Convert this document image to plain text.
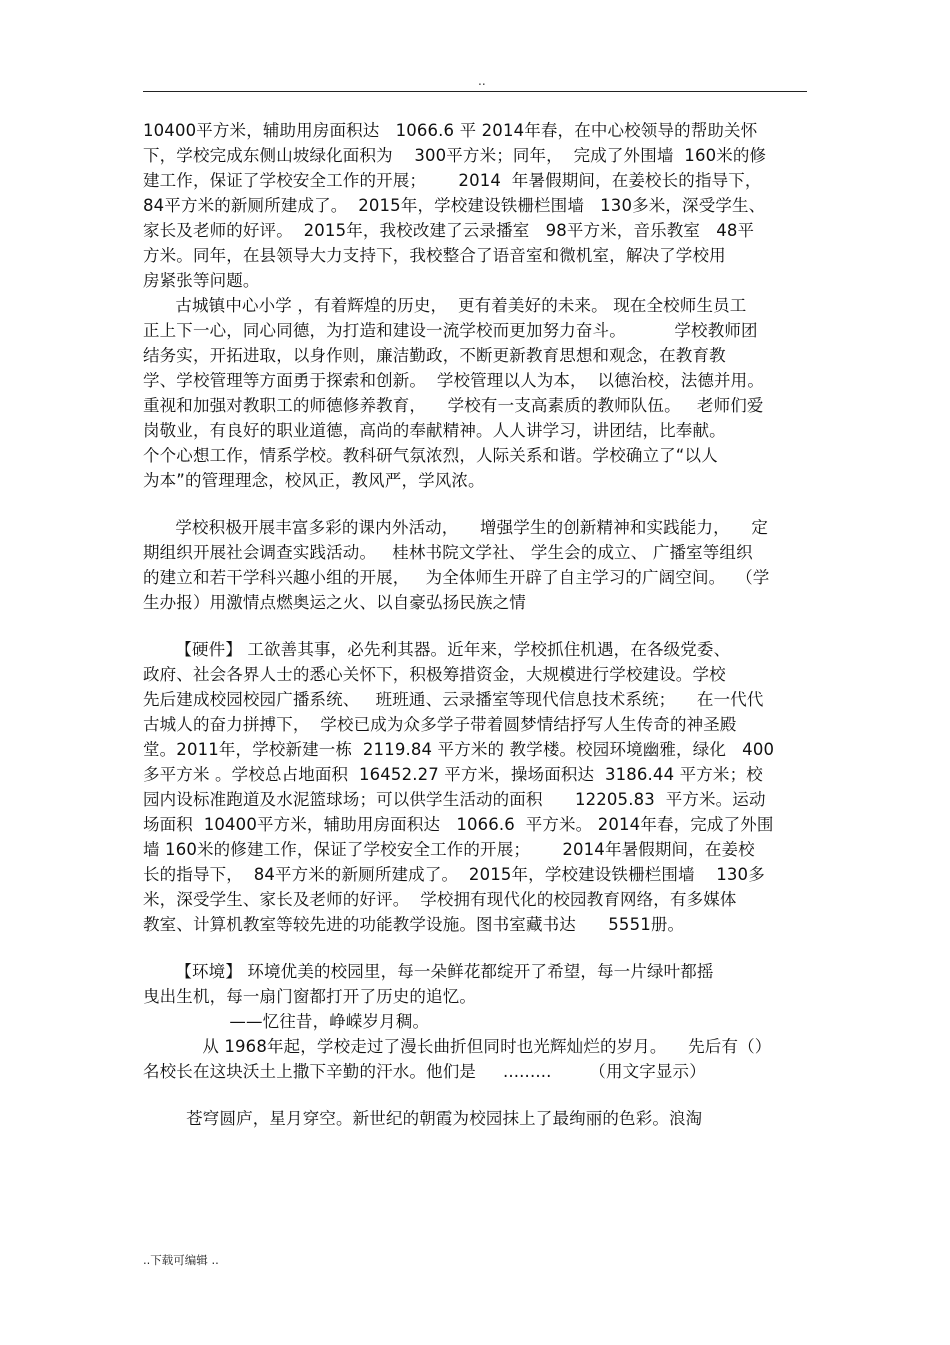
..
10400平方米，辅助用房面积达   1066.6 平 2014年春，在中心校领导的帮助关怀
下，学校完成东侧山坡绿化面积为    300平方米；同年，  完成了外围墙  160米的修
建工作，保证了学校安全工作的开展；      2014  年暑假期间，在姜校长的指导下，
84平方米的新厕所建成了。  2015年，学校建设铁栅栏围墙   130多米，深受学生、
家长及老师的好评。  2015年，我校改建了云录播室   98平方米，音乐教室   48平
方米。同年，在县领导大力支持下，我校整合了语音室和微机室，解决了学校用
房紧张等问题。
古城镇中心小学 ，有着辉煌的历史，  更有着美好的未来。 现在全校师生员工
正上下一心，同心同德，为打造和建设一流学校而更加努力奋斗。         学校教师团
结务实，开拓进取，以身作则，廉洁勤政，不断更新教育思想和观念，在教育教
学、学校管理等方面勇于探索和创新。  学校管理以人为本，  以德治校，法德并用。
重视和加强对教职工的师德修养教育，    学校有一支高素质的教师队伍。   老师们爱
岗敬业，有良好的职业道德，高尚的奉献精神。人人讲学习，讲团结，比奉献。
个个心想工作，情系学校。教科研气氛浓烈，人际关系和谐。学校确立了“以人
为本”的管理理念，校风正，教风严，学风浓。
学校积极开展丰富多彩的课内外活动，    增强学生的创新精神和实践能力，    定
期组织开展社会调查实践活动。   桂林书院文学社、 学生会的成立、 广播室等组织
的建立和若干学科兴趣小组的开展，   为全体师生开辟了自主学习的广阔空间。  （学
生办报）用激情点燃奥运之火、以自豪弘扬民族之情
【硬件】 工欲善其事，必先利其器。近年来，学校抓住机遇，在各级党委、
政府、社会各界人士的悉心关怀下，积极筹措资金，大规模进行学校建设。学校
先后建成校园校园广播系统、   班班通、云录播室等现代信息技术系统；    在一代代
古城人的奋力拼搏下，  学校已成为众多学子带着圆梦情结抒写人生传奇的神圣殿
堂。2011年，学校新建一栋  2119.84 平方米的 教学楼。校园环境幽雅，绿化   400
多平方米 。学校总占地面积  16452.27 平方米，操场面积达  3186.44 平方米；校
园内设标准跑道及水泥篮球场；可以供学生活动的面积      12205.83  平方米。运动
场面积  10400平方米，辅助用房面积达   1066.6  平方米。 2014年春，完成了外围
墙 160米的修建工作，保证了学校安全工作的开展；      2014年暑假期间，在姜校
长的指导下，  84平方米的新厕所建成了。  2015年，学校建设铁栅栏围墙    130多
米，深受学生、家长及老师的好评。  学校拥有现代化的校园教育网络，有多媒体
教室、计算机教室等较先进的功能教学设施。图书室藏书达      5551册。
【环境】 环境优美的校园里，每一朵鲜花都绽开了希望，每一片绿叶都摇
曳出生机，每一扇门窗都打开了历史的追忆。
——忆往昔，峥嵘岁月稠。
从 1968年起，学校走过了漫长曲折但同时也光辉灿烂的岁月。    先后有（）
名校长在这块沃土上撒下辛勤的汗水。他们是     .........       （用文字显示）
苍穹圆庐，星月穿空。新世纪的朝霞为校园抹上了最绚丽的色彩。浪淘
..下载可编辑 ..
